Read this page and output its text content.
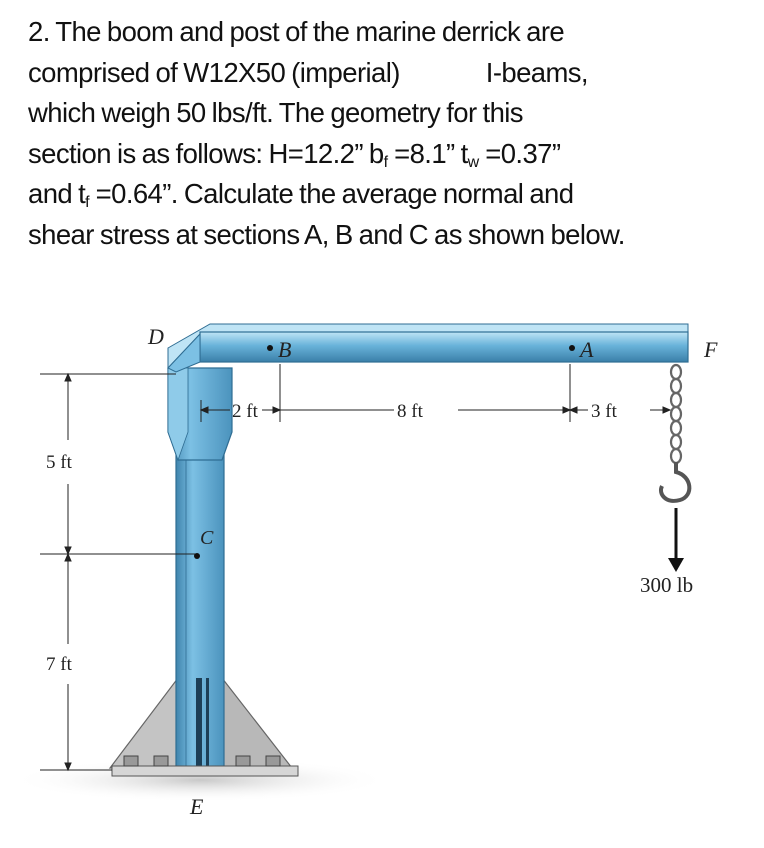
2. The boom and post of the marine derrick are
comprised of W12X50 (imperial)	I-beams,
which weigh 50 lbs/ft. The geometry for this
section is as follows: H=12.2” $b_f =8.1$” $t_w =0.37$”
and $t_f =0.64$”. Calculate the average normal and
shear stress at sections A, B and C as shown below.
D
B	A	F
C
E
2 ft	8 ft	3 ft
5 ft
7 ft
300 lb
